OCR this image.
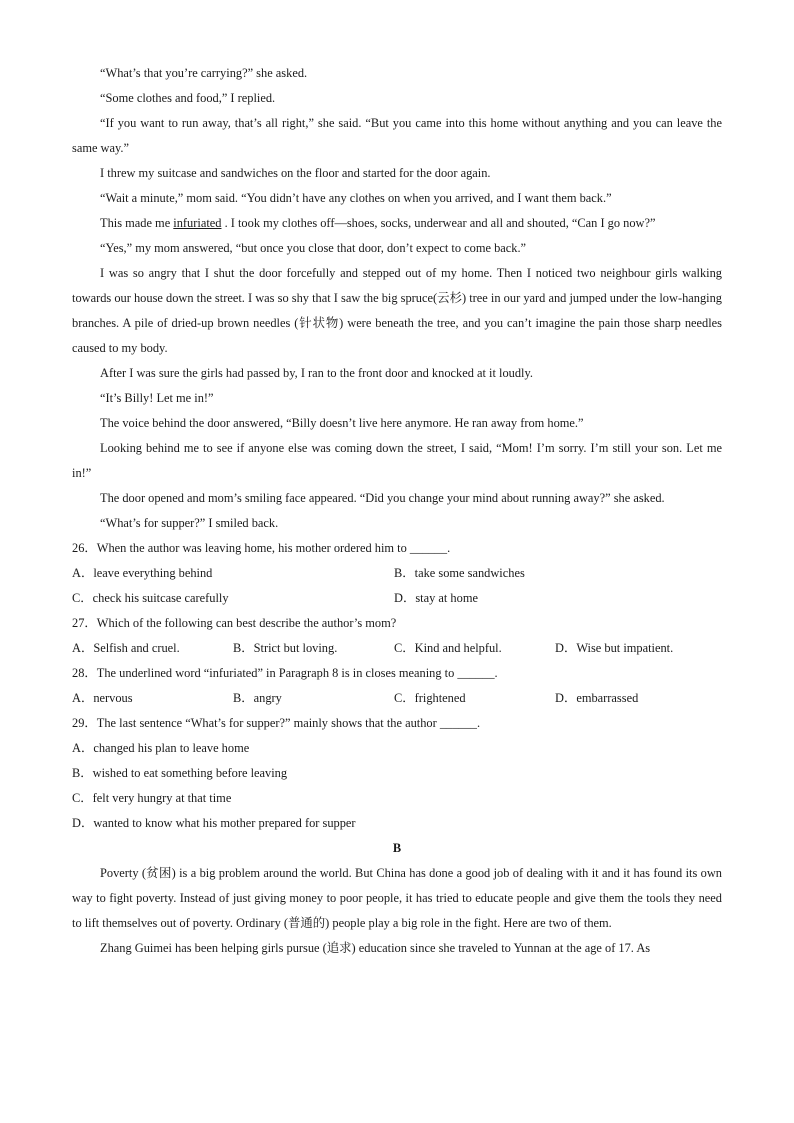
“What’s that you’re carrying?” she asked.

“Some clothes and food,” I replied.

“If you want to run away, that’s all right,” she said. “But you came into this home without anything and you can leave the same way.”

I threw my suitcase and sandwiches on the floor and started for the door again.

“Wait a minute,” mom said. “You didn’t have any clothes on when you arrived, and I want them back.”

This made me infuriated . I took my clothes off—shoes, socks, underwear and all and shouted, “Can I go now?”

“Yes,” my mom answered, “but once you close that door, don’t expect to come back.”

I was so angry that I shut the door forcefully and stepped out of my home. Then I noticed two neighbour girls walking towards our house down the street. I was so shy that I saw the big spruce(云杉) tree in our yard and jumped under the low-hanging branches. A pile of dried-up brown needles (针状物) were beneath the tree, and you can’t imagine the pain those sharp needles caused to my body.

After I was sure the girls had passed by, I ran to the front door and knocked at it loudly.

“It’s Billy! Let me in!”

The voice behind the door answered, “Billy doesn’t live here anymore. He ran away from home.”

Looking behind me to see if anyone else was coming down the street, I said, “Mom! I’m sorry. I’m still your son. Let me in!”

The door opened and mom’s smiling face appeared. “Did you change your mind about running away?” she asked.

“What’s for supper?” I smiled back.

26．When the author was leaving home, his mother ordered him to ______.

A．leave everything behind	B．take some sandwiches
C．check his suitcase carefully	D．stay at home

27．Which of the following can best describe the author’s mom?

A．Selfish and cruel.	B．Strict but loving.	C．Kind and helpful.	D．Wise but impatient.

28．The underlined word “infuriated” in Paragraph 8 is in closes meaning to ______.

A．nervous	B．angry	C．frightened	D．embarrassed

29．The last sentence “What’s for supper?” mainly shows that the author ______.

A．changed his plan to leave home

B．wished to eat something before leaving

C．felt very hungry at that time

D．wanted to know what his mother prepared for supper

B

Poverty (贫困) is a big problem around the world. But China has done a good job of dealing with it and it has found its own way to fight poverty. Instead of just giving money to poor people, it has tried to educate people and give them the tools they need to lift themselves out of poverty. Ordinary (普通的) people play a big role in the fight. Here are two of them.

Zhang Guimei has been helping girls pursue (追求) education since she traveled to Yunnan at the age of 17. As
